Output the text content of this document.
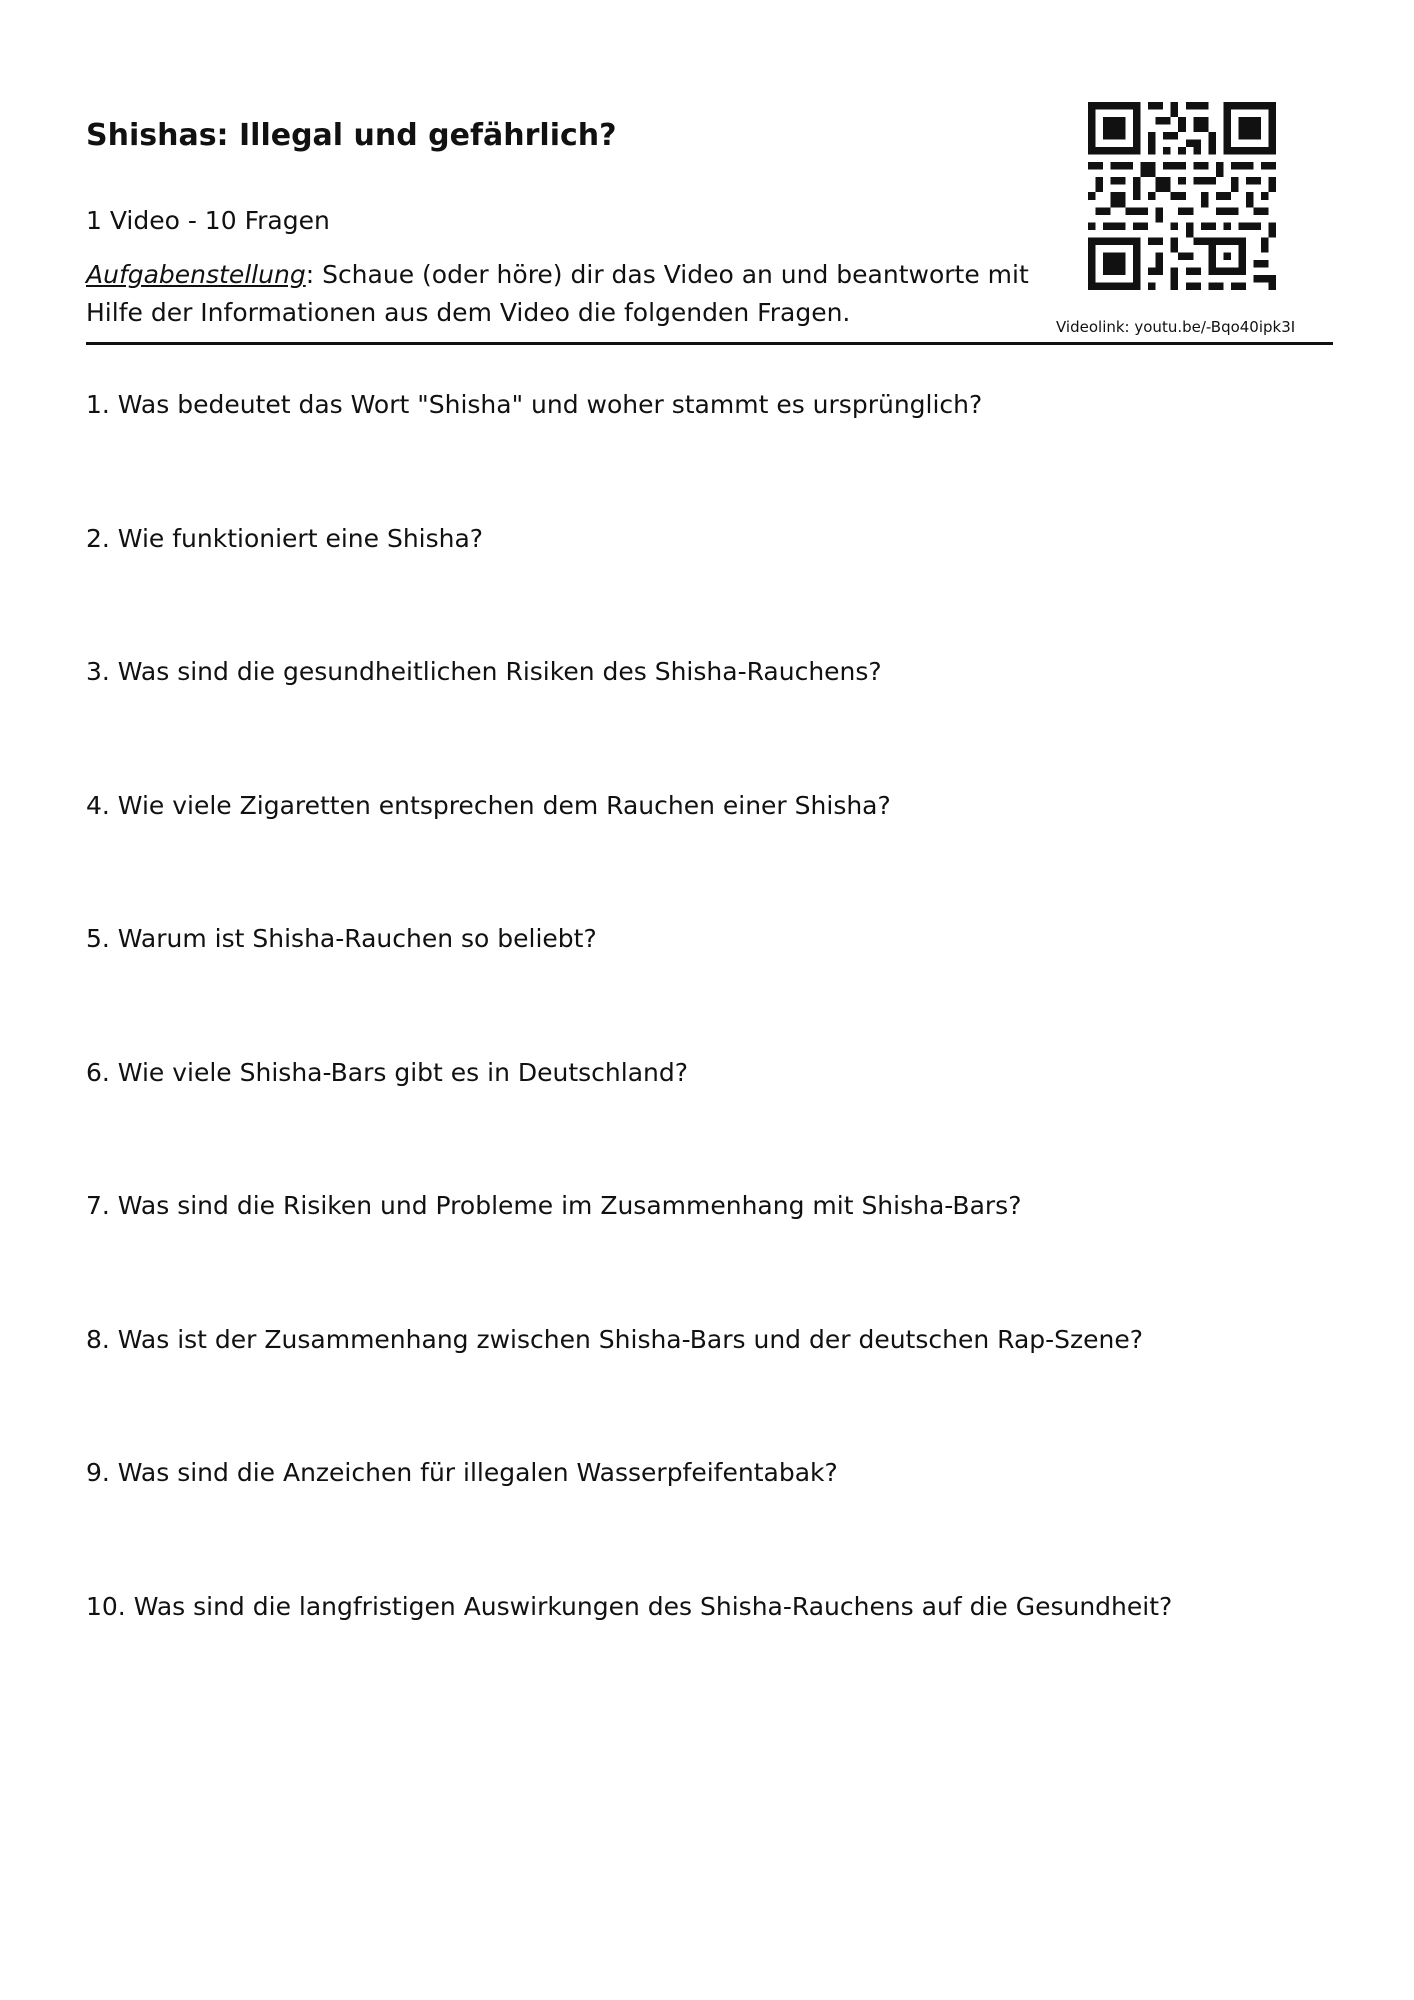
Shishas: Illegal und gefährlich?
1 Video - 10 Fragen
Aufgabenstellung: Schaue (oder höre) dir das Video an und beantworte mit Hilfe der Informationen aus dem Video die folgenden Fragen.	Videolink: youtu.be/-Bqo40ipk3I
1. Was bedeutet das Wort "Shisha" und woher stammt es ursprünglich?
2. Wie funktioniert eine Shisha?
3. Was sind die gesundheitlichen Risiken des Shisha-Rauchens?
4. Wie viele Zigaretten entsprechen dem Rauchen einer Shisha?
5. Warum ist Shisha-Rauchen so beliebt?
6. Wie viele Shisha-Bars gibt es in Deutschland?
7. Was sind die Risiken und Probleme im Zusammenhang mit Shisha-Bars?
8. Was ist der Zusammenhang zwischen Shisha-Bars und der deutschen Rap-Szene?
9. Was sind die Anzeichen für illegalen Wasserpfeifentabak?
10. Was sind die langfristigen Auswirkungen des Shisha-Rauchens auf die Gesundheit?
